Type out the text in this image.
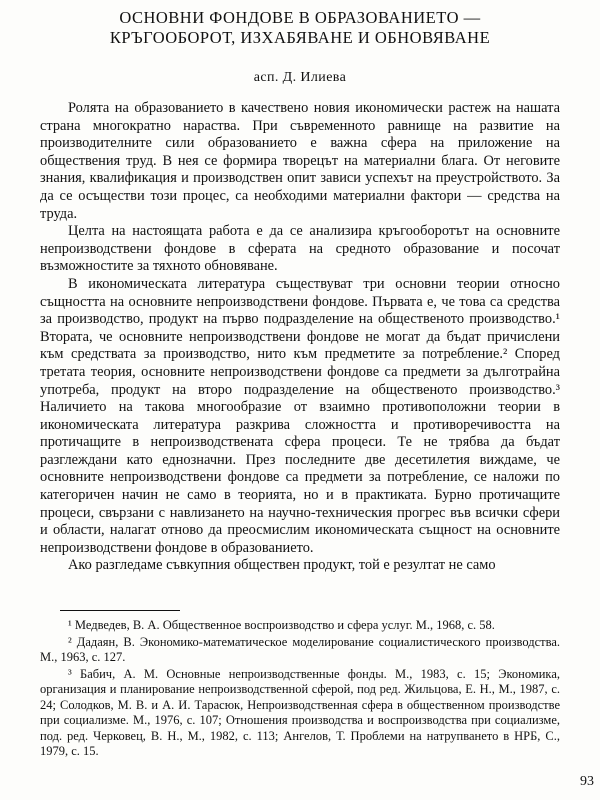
ОСНОВНИ ФОНДОВЕ В ОБРАЗОВАНИЕТО —
КРЪГООБОРОТ, ИЗХАБЯВАНЕ И ОБНОВЯВАНЕ
асп. Д. Илиева

Ролята на образованието в качествено новия икономически растеж на нашата страна многократно нараства. При съвременното равнище на развитие на производителните сили образованието е важна сфера на приложение на обществения труд. В нея се формира творецът на материални блага. От неговите знания, квалификация и производствен опит зависи успехът на преустройството. За да се осъществи този процес, са необходими материални фактори — средства на труда.

Целта на настоящата работа е да се анализира кръгооборотът на основните непроизводствени фондове в сферата на средното образование и посочат възможностите за тяхното обновяване.

В икономическата литература съществуват три основни теории относно същността на основните непроизводствени фондове. Първата е, че това са средства за производство, продукт на първо подразделение на общественото производство.¹ Втората, че основните непроизводствени фондове не могат да бъдат причислени към средствата за производство, нито към предметите за потребление.² Според третата теория, основните непроизводствени фондове са предмети за дълготрайна употреба, продукт на второ подразделение на общественото производство.³ Наличието на такова многообразие от взаимно противоположни теории в икономическата литература разкрива сложността и противоречивостта на протичащите в непроизводствената сфера процеси. Те не трябва да бъдат разглеждани като еднозначни. През последните две десетилетия виждаме, че основните непроизводствени фондове са предмети за потребление, се наложи по категоричен начин не само в теорията, но и в практиката. Бурно протичащите процеси, свързани с навлизането на научно-техническия прогрес във всички сфери и области, налагат отново да преосмислим икономическата същност на основните непроизводствени фондове в образованието.

Ако разгледаме съвкупния обществен продукт, той е резултат не само

¹ Медведев, В. А. Общественное воспроизводство и сфера услуг. М., 1968, с. 58.

² Дадаян, В. Экономико-математическое моделирование социалистического производства. М., 1963, с. 127.

³ Бабич, А. М. Основные непроизводственные фонды. М., 1983, с. 15; Экономика, организация и планирование непроизводственной сферой, под ред. Жильцова, Е. Н., М., 1987, с. 24; Солодков, М. В. и А. И. Тарасюк, Непроизводственная сфера в общественном производстве при социализме. М., 1976, с. 107; Отношения производства и воспроизводства при социализме, под. ред. Черковец, В. Н., М., 1982, с. 113; Ангелов, Т. Проблеми на натрупването в НРБ, С., 1979, с. 15.

93
